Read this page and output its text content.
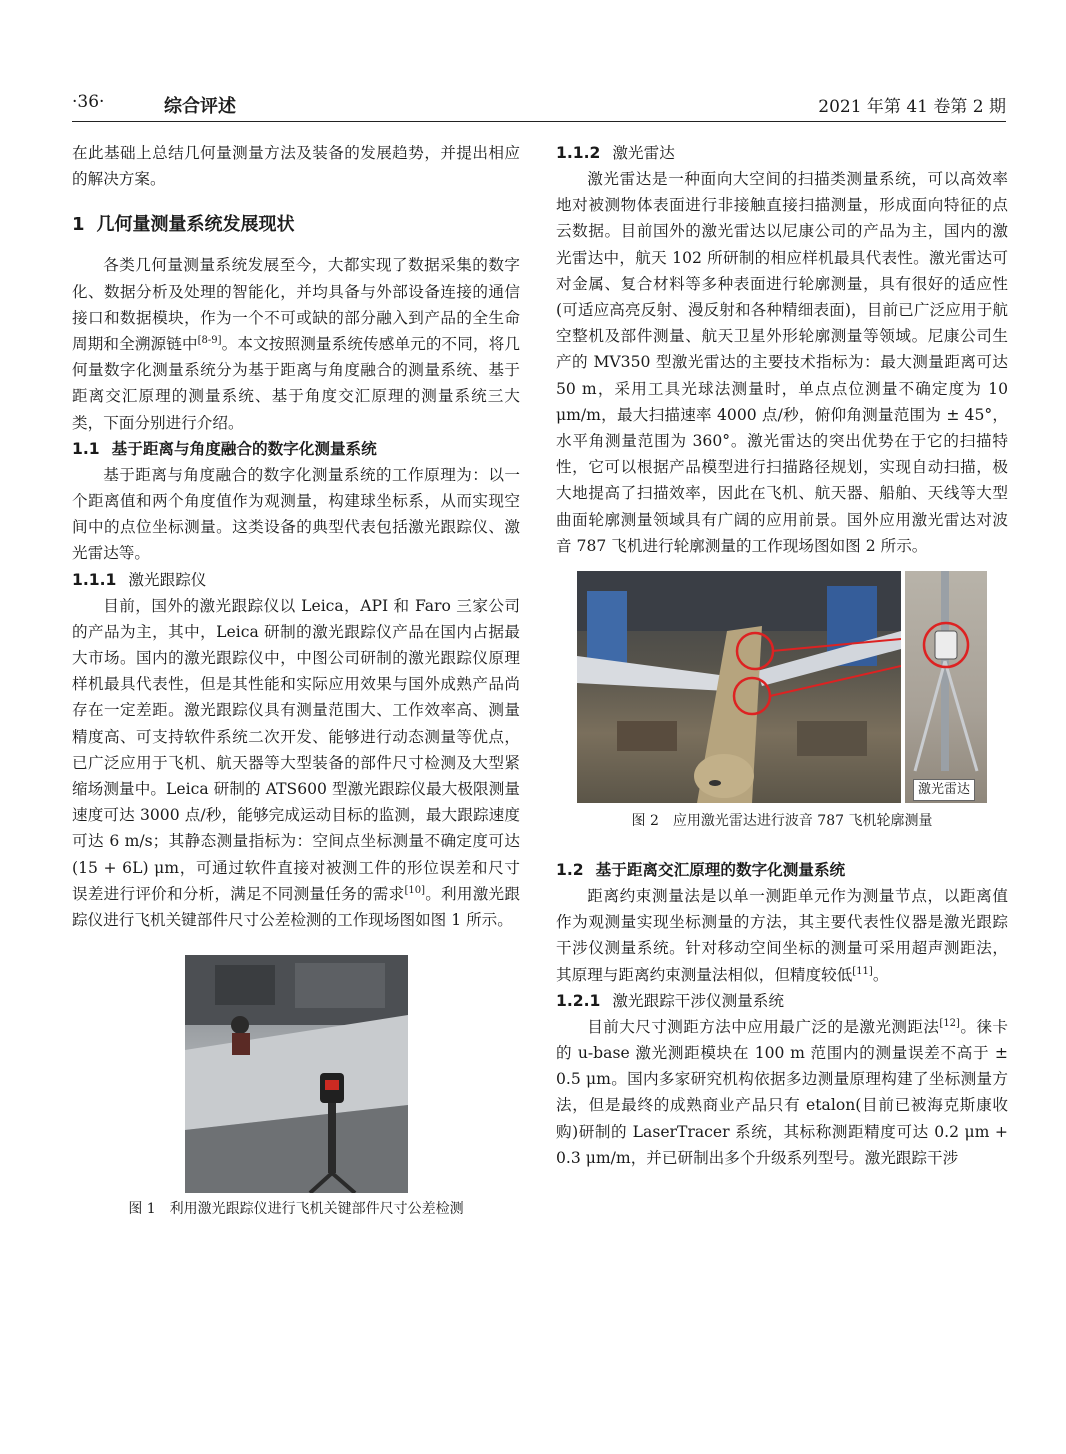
·36·	综合评述	2021 年第 41 卷第 2 期

在此基础上总结几何量测量方法及装备的发展趋势，并提出相应的解决方案。

1 几何量测量系统发展现状

各类几何量测量系统发展至今，大都实现了数据采集的数字化、数据分析及处理的智能化，并均具备与外部设备连接的通信接口和数据模块，作为一个不可或缺的部分融入到产品的全生命周期和全溯源链中[8-9]。本文按照测量系统传感单元的不同，将几何量数字化测量系统分为基于距离与角度融合的测量系统、基于距离交汇原理的测量系统、基于角度交汇原理的测量系统三大类，下面分别进行介绍。

1.1 基于距离与角度融合的数字化测量系统

基于距离与角度融合的数字化测量系统的工作原理为：以一个距离值和两个角度值作为观测量，构建球坐标系，从而实现空间中的点位坐标测量。这类设备的典型代表包括激光跟踪仪、激光雷达等。

1.1.1 激光跟踪仪

目前，国外的激光跟踪仪以 Leica，API 和 Faro 三家公司的产品为主，其中，Leica 研制的激光跟踪仪产品在国内占据最大市场。国内的激光跟踪仪中，中图公司研制的激光跟踪仪原理样机最具代表性，但是其性能和实际应用效果与国外成熟产品尚存在一定差距。激光跟踪仪具有测量范围大、工作效率高、测量精度高、可支持软件系统二次开发、能够进行动态测量等优点，已广泛应用于飞机、航天器等大型装备的部件尺寸检测及大型紧缩场测量中。Leica 研制的 ATS600 型激光跟踪仪最大极限测量速度可达 3000 点/秒，能够完成运动目标的监测，最大跟踪速度可达 6 m/s；其静态测量指标为：空间点坐标测量不确定度可达(15 + 6L) μm，可通过软件直接对被测工件的形位误差和尺寸误差进行评价和分析，满足不同测量任务的需求[10]。利用激光跟踪仪进行飞机关键部件尺寸公差检测的工作现场图如图 1 所示。

图 1　利用激光跟踪仪进行飞机关键部件尺寸公差检测
1.1.2 激光雷达

激光雷达是一种面向大空间的扫描类测量系统，可以高效率地对被测物体表面进行非接触直接扫描测量，形成面向特征的点云数据。目前国外的激光雷达以尼康公司的产品为主，国内的激光雷达中，航天 102 所研制的相应样机最具代表性。激光雷达可对金属、复合材料等多种表面进行轮廓测量，具有很好的适应性(可适应高亮反射、漫反射和各种精细表面)，目前已广泛应用于航空整机及部件测量、航天卫星外形轮廓测量等领域。尼康公司生产的 MV350 型激光雷达的主要技术指标为：最大测量距离可达 50 m，采用工具光球法测量时，单点点位测量不确定度为 10 μm/m，最大扫描速率 4000 点/秒，俯仰角测量范围为 ± 45°，水平角测量范围为 360°。激光雷达的突出优势在于它的扫描特性，它可以根据产品模型进行扫描路径规划，实现自动扫描，极大地提高了扫描效率，因此在飞机、航天器、船舶、天线等大型曲面轮廓测量领域具有广阔的应用前景。国外应用激光雷达对波音 787 飞机进行轮廓测量的工作现场图如图 2 所示。

激光雷达
图 2　应用激光雷达进行波音 787 飞机轮廓测量
1.2 基于距离交汇原理的数字化测量系统

距离约束测量法是以单一测距单元作为测量节点，以距离值作为观测量实现坐标测量的方法，其主要代表性仪器是激光跟踪干涉仪测量系统。针对移动空间坐标的测量可采用超声测距法，其原理与距离约束测量法相似，但精度较低[11]。

1.2.1 激光跟踪干涉仪测量系统

目前大尺寸测距方法中应用最广泛的是激光测距法[12]。徕卡的 u-base 激光测距模块在 100 m 范围内的测量误差不高于 ± 0.5 μm。国内多家研究机构依据多边测量原理构建了坐标测量方法，但是最终的成熟商业产品只有 etalon(目前已被海克斯康收购)研制的 LaserTracer 系统，其标称测距精度可达 0.2 μm + 0.3 μm/m，并已研制出多个升级系列型号。激光跟踪干涉
